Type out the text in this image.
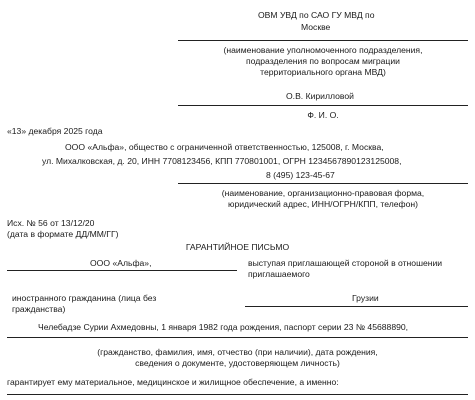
ОВМ УВД по САО ГУ МВД по
Москве
(наименование уполномоченного подразделения,
подразделения по вопросам миграции
территориального органа МВД)
О.В. Кирилловой
Ф. И. О.
«13» декабря 2025 года
ООО «Альфа», общество с ограниченной ответственностью, 125008, г. Москва,
ул. Михалковская, д. 20, ИНН 7708123456, КПП 770801001, ОГРН 1234567890123125008,
8 (495) 123-45-67
(наименование, организационно-правовая форма,
юридический адрес, ИНН/ОГРН/КПП, телефон)
Исх. № 56 от 13/12/20
(дата в формате ДД/ММ/ГГ)
ГАРАНТИЙНОЕ ПИСЬМО
ООО «Альфа»,	выступая приглашающей стороной в отношении
приглашаемого
иностранного гражданина (лица без
гражданства)
Грузии
Челебадзе Сурии Ахмедовны, 1 января 1982 года рождения, паспорт серии 23 № 45688890,
(гражданство, фамилия, имя, отчество (при наличии), дата рождения,
сведения о документе, удостоверяющем личность)
гарантирует ему материальное, медицинское и жилищное обеспечение, а именно:
